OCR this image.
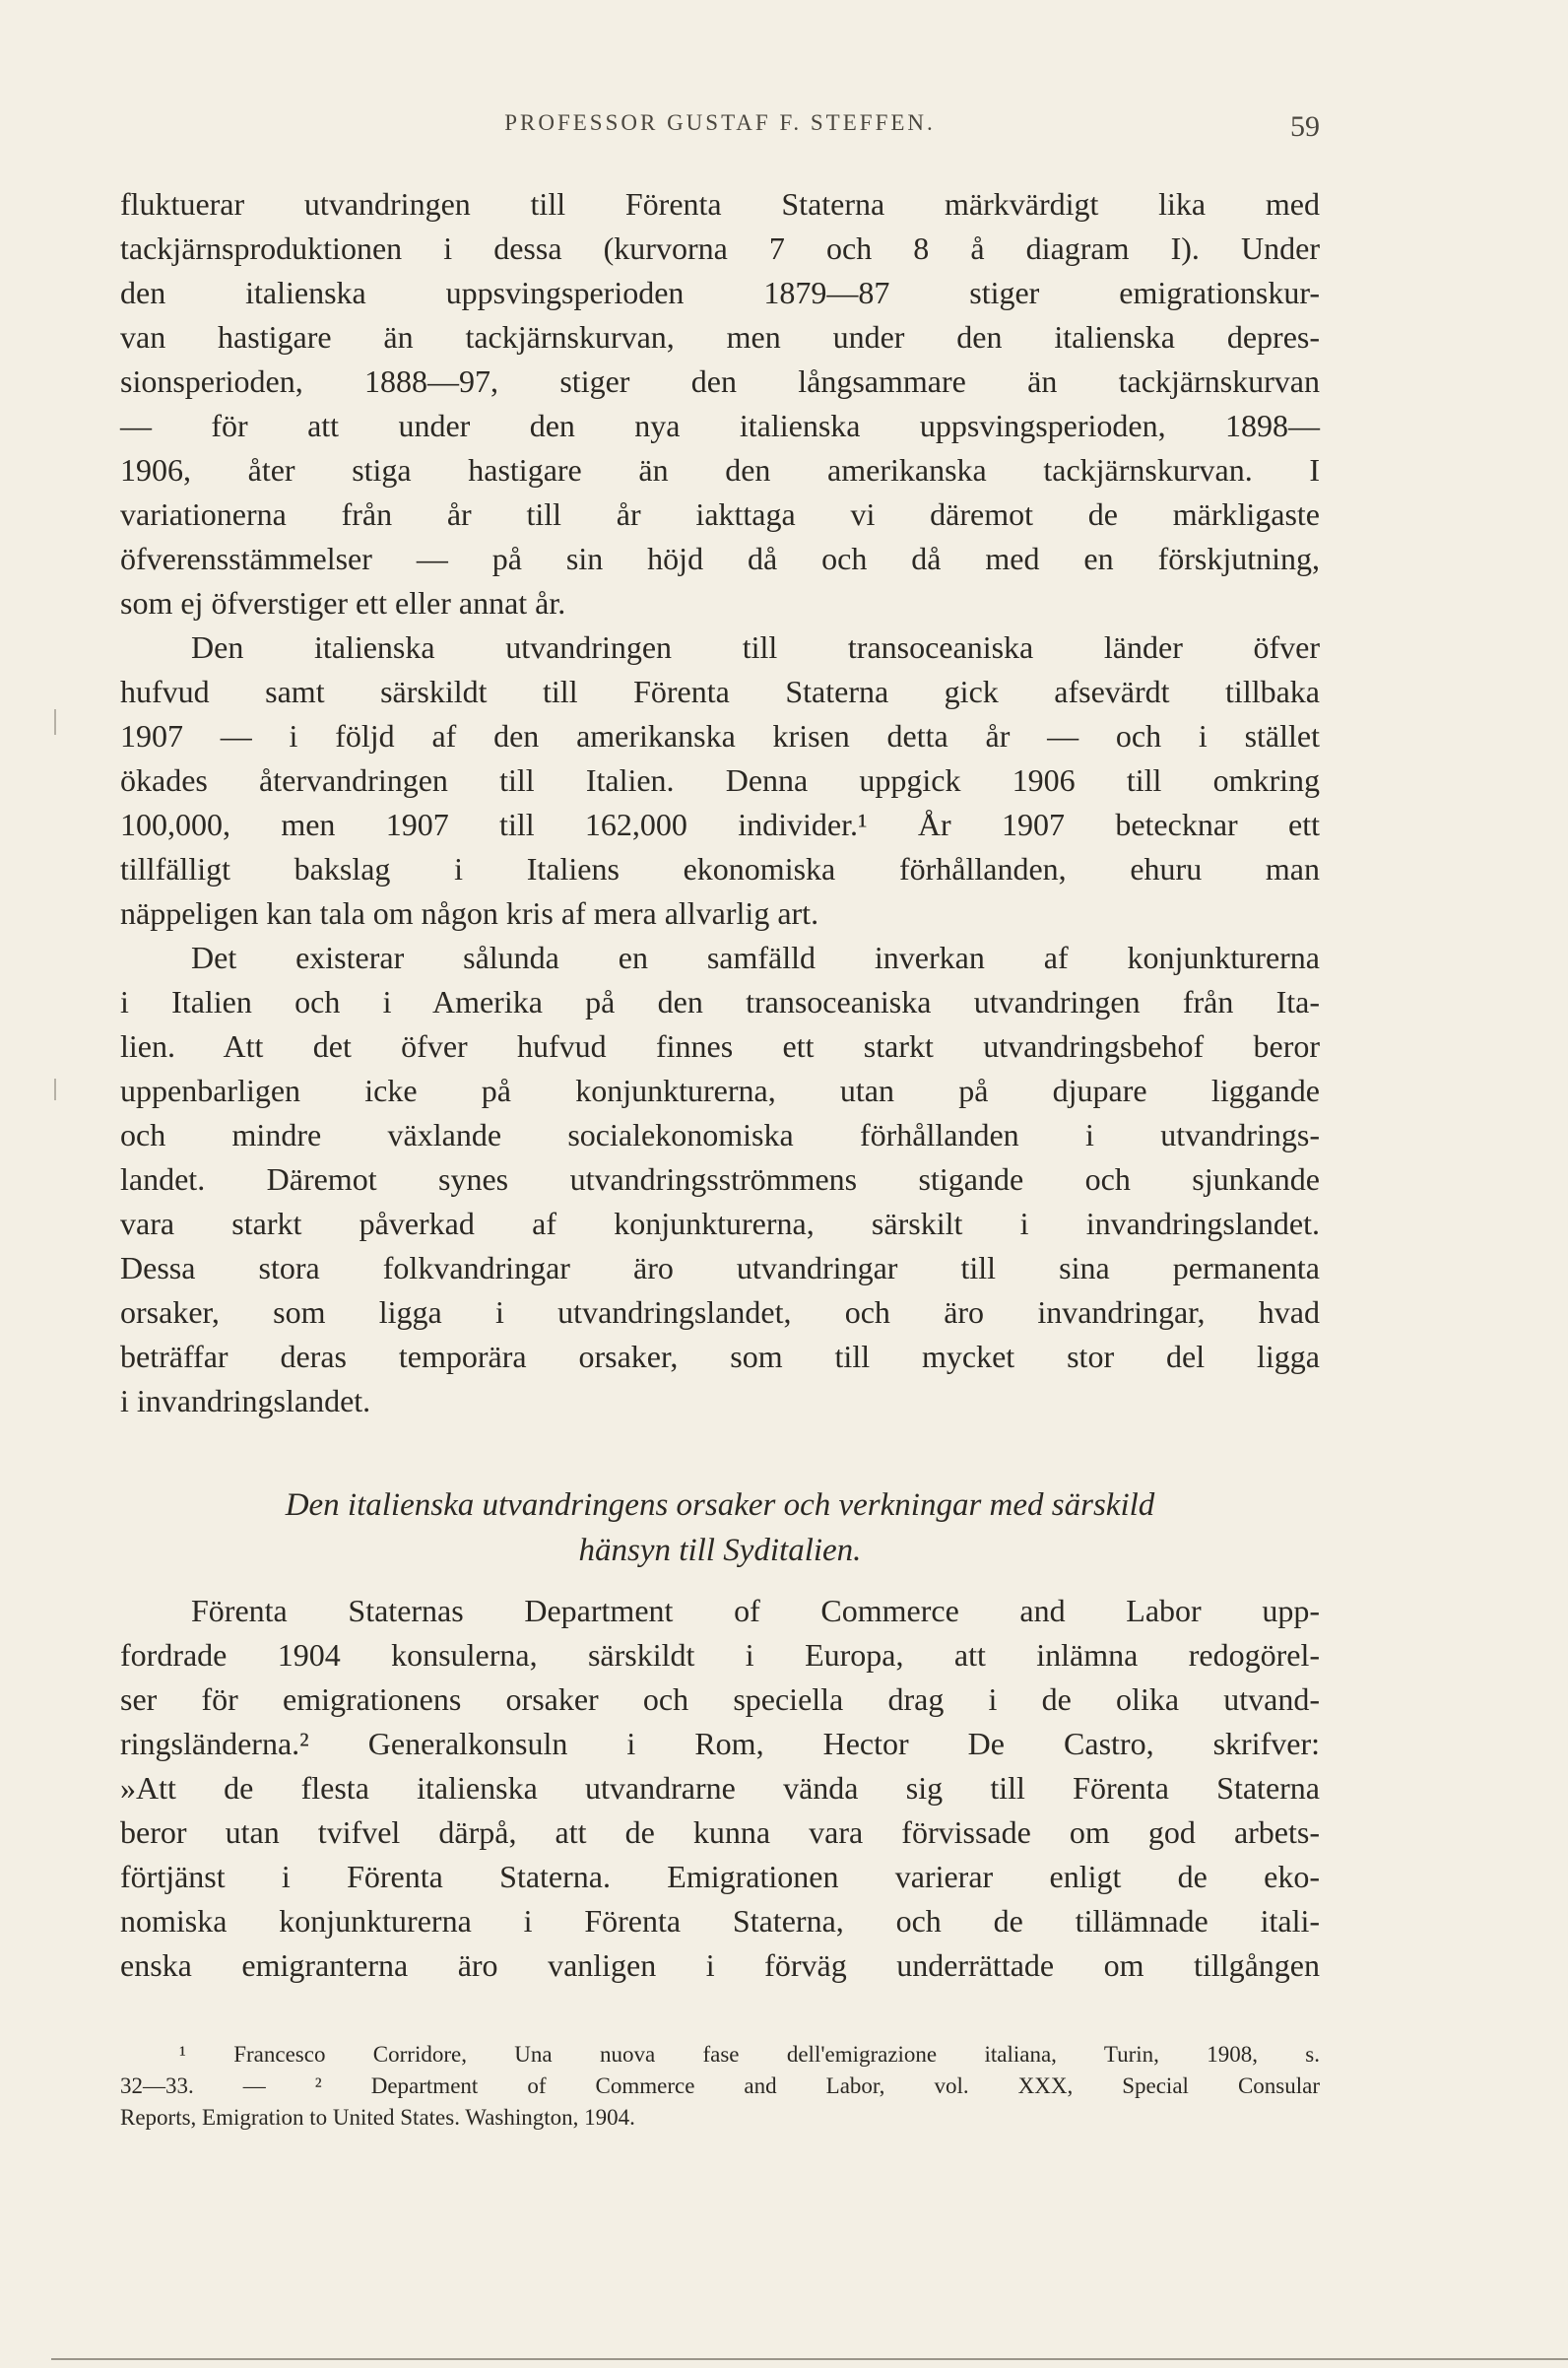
PROFESSOR GUSTAF F. STEFFEN.	59
fluktuerar utvandringen till Förenta Staterna märkvärdigt lika med
tackjärnsproduktionen i dessa (kurvorna 7 och 8 å diagram I). Under
den italienska uppsvingsperioden 1879—87 stiger emigrationskur-
van hastigare än tackjärnskurvan, men under den italienska depres-
sionsperioden, 1888—97, stiger den långsammare än tackjärnskurvan
— för att under den nya italienska uppsvingsperioden, 1898—
1906, åter stiga hastigare än den amerikanska tackjärnskurvan. I
variationerna från år till år iakttaga vi däremot de märkligaste
öfverensstämmelser — på sin höjd då och då med en förskjutning,
som ej öfverstiger ett eller annat år.
Den italienska utvandringen till transoceaniska länder öfver
hufvud samt särskildt till Förenta Staterna gick afsevärdt tillbaka
1907 — i följd af den amerikanska krisen detta år — och i stället
ökades återvandringen till Italien. Denna uppgick 1906 till omkring
100,000, men 1907 till 162,000 individer.¹ År 1907 betecknar ett
tillfälligt bakslag i Italiens ekonomiska förhållanden, ehuru man
näppeligen kan tala om någon kris af mera allvarlig art.
Det existerar sålunda en samfälld inverkan af konjunkturerna
i Italien och i Amerika på den transoceaniska utvandringen från Ita-
lien. Att det öfver hufvud finnes ett starkt utvandringsbehof beror
uppenbarligen icke på konjunkturerna, utan på djupare liggande
och mindre växlande socialekonomiska förhållanden i utvandrings-
landet. Däremot synes utvandringsströmmens stigande och sjunkande
vara starkt påverkad af konjunkturerna, särskilt i invandringslandet.
Dessa stora folkvandringar äro utvandringar till sina permanenta
orsaker, som ligga i utvandringslandet, och äro invandringar, hvad
beträffar deras temporära orsaker, som till mycket stor del ligga
i invandringslandet.
Den italienska utvandringens orsaker och verkningar med särskild
hänsyn till Syditalien.
Förenta Staternas Department of Commerce and Labor upp-
fordrade 1904 konsulerna, särskildt i Europa, att inlämna redogörel-
ser för emigrationens orsaker och speciella drag i de olika utvand-
ringsländerna.² Generalkonsuln i Rom, Hector De Castro, skrifver:
»Att de flesta italienska utvandrarne vända sig till Förenta Staterna
beror utan tvifvel därpå, att de kunna vara förvissade om god arbets-
förtjänst i Förenta Staterna. Emigrationen varierar enligt de eko-
nomiska konjunkturerna i Förenta Staterna, och de tillämnade itali-
enska emigranterna äro vanligen i förväg underrättade om tillgången
¹ Francesco Corridore, Una nuova fase dell'emigrazione italiana, Turin, 1908, s.
32—33. — ² Department of Commerce and Labor, vol. XXX, Special Consular
Reports, Emigration to United States. Washington, 1904.
